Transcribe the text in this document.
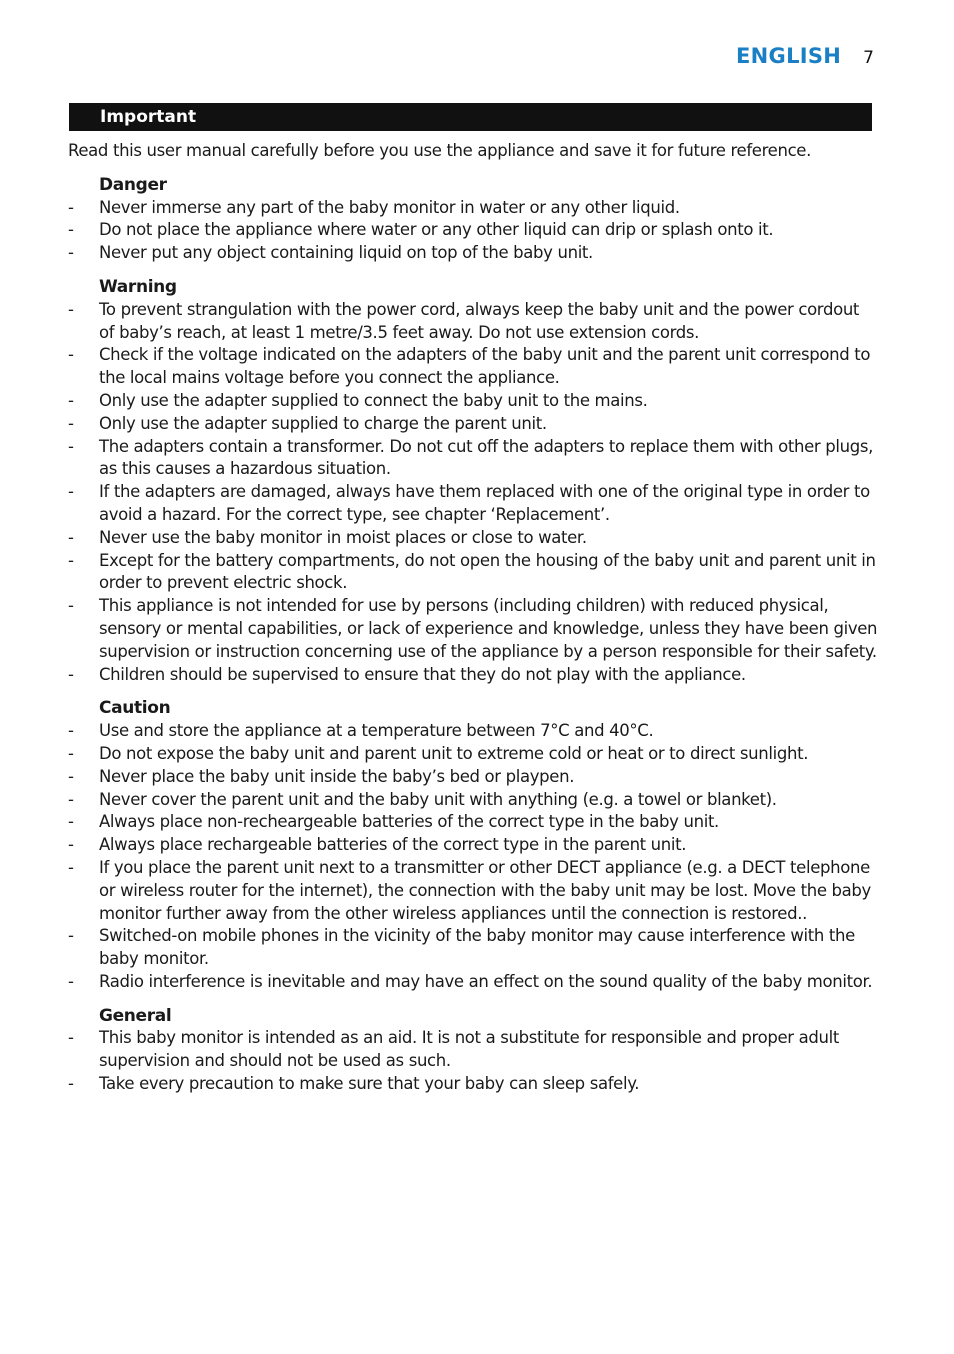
ENGLISH 7
Important

Read this user manual carefully before you use the appliance and save it for future reference.

Danger
- Never immerse any part of the baby monitor in water or any other liquid.
- Do not place the appliance where water or any other liquid can drip or splash onto it.
- Never put any object containing liquid on top of the baby unit.
Warning
- To prevent strangulation with the power cord, always keep the baby unit and the power cordout of baby’s reach, at least 1 metre/3.5 feet away. Do not use extension cords.
- Check if the voltage indicated on the adapters of the baby unit and the parent unit correspond to the local mains voltage before you connect the appliance.
- Only use the adapter supplied to connect the baby unit to the mains.
- Only use the adapter supplied to charge the parent unit.
- The adapters contain a transformer. Do not cut off the adapters to replace them with other plugs, as this causes a hazardous situation.
- If the adapters are damaged, always have them replaced with one of the original type in order to avoid a hazard. For the correct type, see chapter ‘Replacement’.
- Never use the baby monitor in moist places or close to water.
- Except for the battery compartments, do not open the housing of the baby unit and parent unit in order to prevent electric shock.
- This appliance is not intended for use by persons (including children) with reduced physical, sensory or mental capabilities, or lack of experience and knowledge, unless they have been given supervision or instruction concerning use of the appliance by a person responsible for their safety.
- Children should be supervised to ensure that they do not play with the appliance.
Caution
- Use and store the appliance at a temperature between 7°C and 40°C.
- Do not expose the baby unit and parent unit to extreme cold or heat or to direct sunlight.
- Never place the baby unit inside the baby’s bed or playpen.
- Never cover the parent unit and the baby unit with anything (e.g. a towel or blanket).
- Always place non-recheargeable batteries of the correct type in the baby unit.
- Always place rechargeable batteries of the correct type in the parent unit.
- If you place the parent unit next to a transmitter or other DECT appliance (e.g. a DECT telephone or wireless router for the internet), the connection with the baby unit may be lost. Move the baby monitor further away from the other wireless appliances until the connection is restored..
- Switched-on mobile phones in the vicinity of the baby monitor may cause interference with the baby monitor.
- Radio interference is inevitable and may have an effect on the sound quality of the baby monitor.
General
- This baby monitor is intended as an aid. It is not a substitute for responsible and proper adult supervision and should not be used as such.
- Take every precaution to make sure that your baby can sleep safely.
